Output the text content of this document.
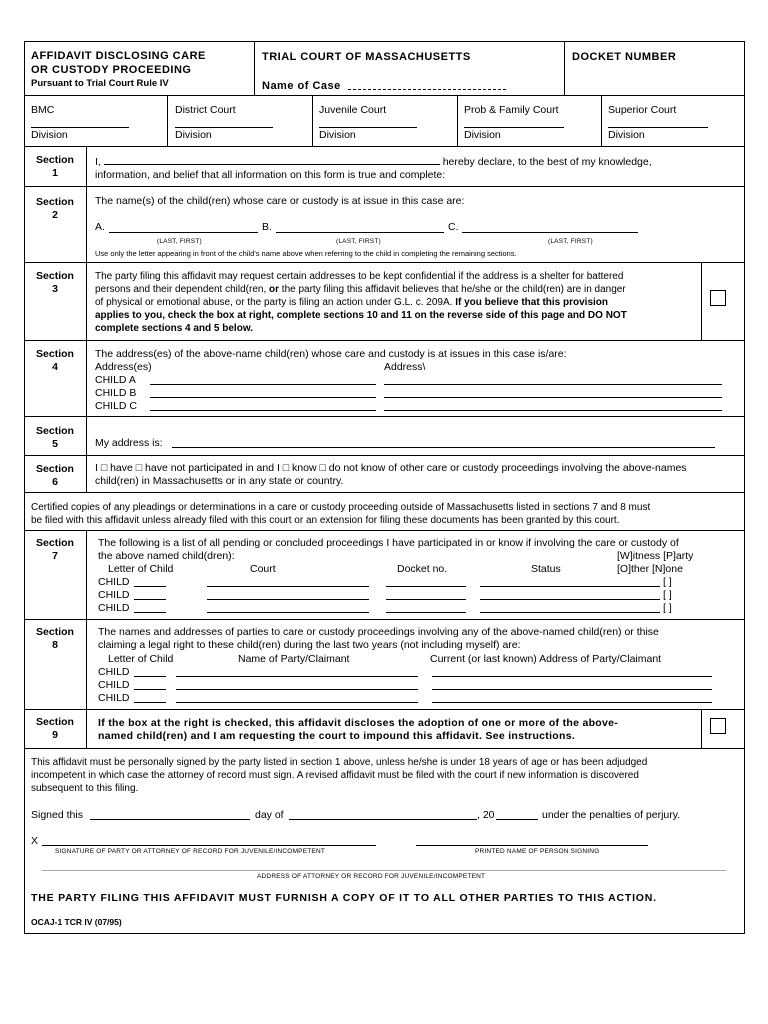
AFFIDAVIT DISCLOSING CARE
OR CUSTODY PROCEEDING
Pursuant to Trial Court Rule IV
TRIAL COURT OF MASSACHUSETTS
Name of Case
DOCKET NUMBER
BMC
Division
District Court
Division
Juvenile Court
Division
Prob & Family Court
Division
Superior Court
Division
Section
1
I,	hereby declare, to the best of my knowledge,
information, and belief that all information on this form is true and complete:
Section
2
The name(s) of the child(ren) whose care or custody is at issue in this case are:
A.
(LAST, FIRST)
B.
(LAST, FIRST)
C.
(LAST, FIRST)
Use only the letter appearing in front of the child's name above when referring to the child in completing the remaining sections.
Section
3
The party filing this affidavit may request certain addresses to be kept confidential if the address is a shelter for battered
persons and their dependent child(ren, or the party filing this affidavit believes that he/she or the child(ren) are in danger
of physical or emotional abuse, or the party is filing an action under G.L. c. 209A. If you believe that this provision
applies to you, check the box at right, complete sections 10 and 11 on the reverse side of this page and DO NOT
complete sections 4 and 5 below.
Section
4
The address(es) of the above-name child(ren) whose care and custody is at issues in this case is/are:
Address(es)	Address\
CHILD A
CHILD B
CHILD C
Section
5	My address is:
Section
6
I □ have □ have not participated in and I □ know □ do not know of other care or custody proceedings involving the above-names
child(ren) in Massachusetts or in any state or country.
Certified copies of any pleadings or determinations in a care or custody proceeding outside of Massachusetts listed in sections 7 and 8 must
be filed with this affidavit unless already filed with this court or an extension for filing these documents has been granted by this court.
Section
7
The following is a list of all pending or concluded proceedings I have participated in or know if involving the care or custody of
the above named child(dren):	[W]itness [P]arty
Letter of Child	Court	Docket no.	Status	[O]ther [N]one
CHILD	[ ]
CHILD	[ ]
CHILD	[ ]
Section
8
The names and addresses of parties to care or custody proceedings involving any of the above-named child(ren) or thise
claiming a legal right to these child(ren) during the last two years (not including myself) are:
Letter of Child	Name of Party/Claimant	Current (or last known) Address of Party/Claimant
CHILD
CHILD
CHILD
Section
9
If the box at the right is checked, this affidavit discloses the adoption of one or more of the above-
named child(ren) and I am requesting the court to impound this affidavit. See instructions.
This affidavit must be personally signed by the party listed in section 1 above, unless he/she is under 18 years of age or has been adjudged
incompetent in which case the attorney of record must sign. A revised affidavit must be filed with the court if new information is discovered
subsequent to this filing.
Signed this	day of	, 20	under the penalties of perjury.
X
SIGNATURE OF PARTY OR ATTORNEY OF RECORD FOR JUVENILE/INCOMPETENT	PRINTED NAME OF PERSON SIGNING
ADDRESS OF ATTORNEY OR RECORD FOR JUVENILE/INCOMPETENT
THE PARTY FILING THIS AFFIDAVIT MUST FURNISH A COPY OF IT TO ALL OTHER PARTIES TO THIS ACTION.
OCAJ-1 TCR IV (07/95)
